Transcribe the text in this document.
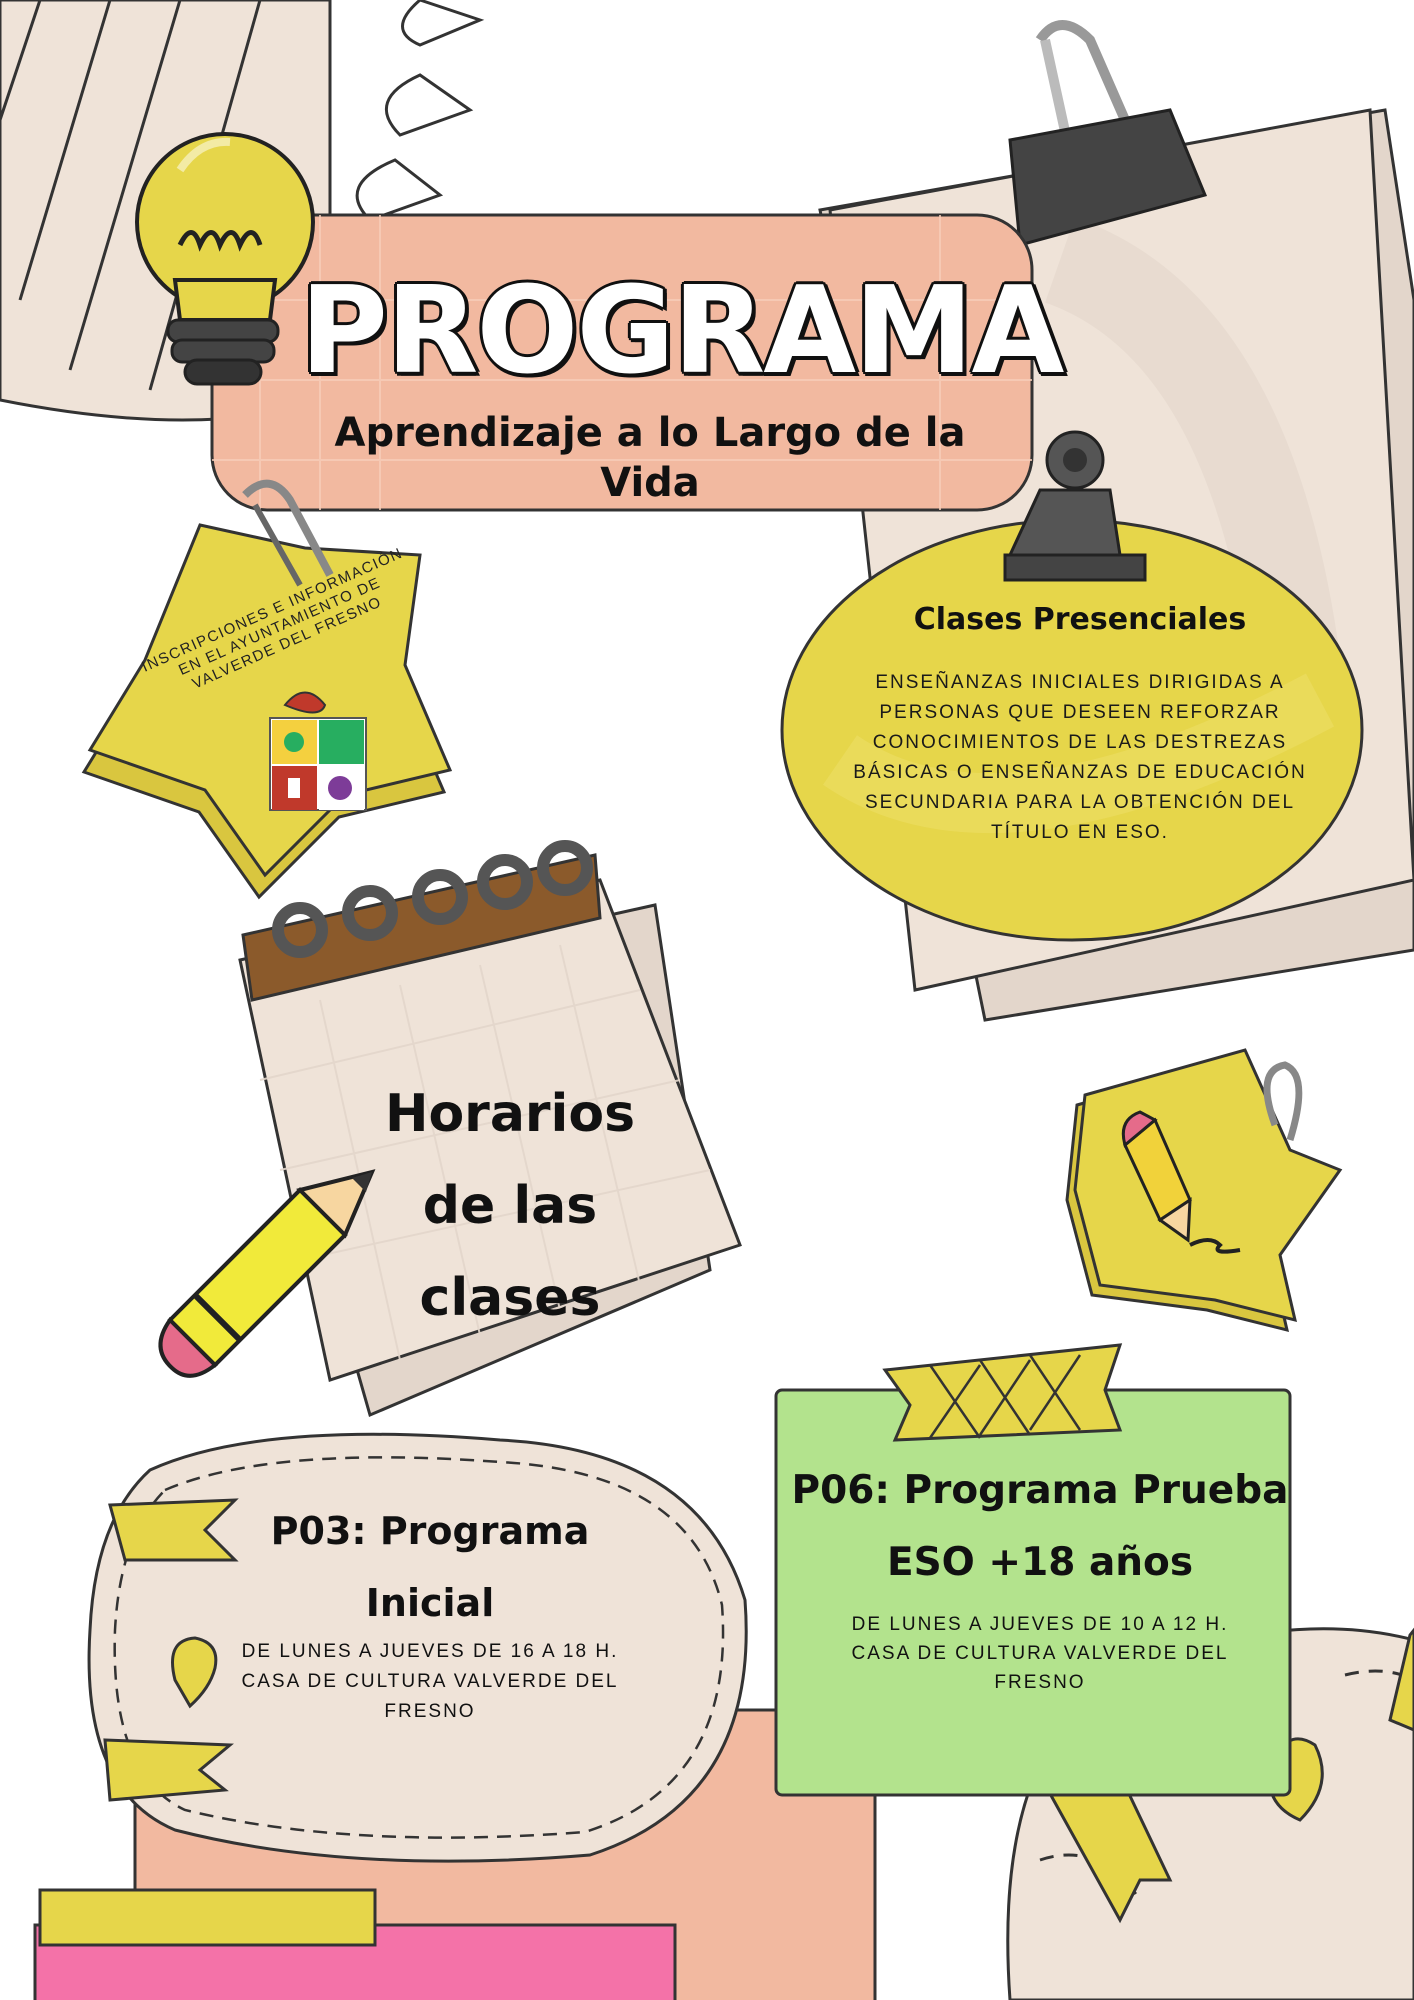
PROGRAMA
Aprendizaje a lo Largo de la Vida
INSCRIPCIONES E INFORMACIÓN EN EL AYUNTAMIENTO DE VALVERDE DEL FRESNO	Clases Presenciales
ENSEÑANZAS INICIALES DIRIGIDAS A PERSONAS QUE DESEEN REFORZAR CONOCIMIENTOS DE LAS DESTREZAS BÁSICAS O ENSEÑANZAS DE EDUCACIÓN SECUNDARIA PARA LA OBTENCIÓN DEL TÍTULO EN ESO.
Horarios de las clases
P03: Programa Inicial
DE LUNES A JUEVES DE 16 A 18 H.
CASA DE CULTURA VALVERDE DEL FRESNO
P06: Programa Prueba ESO +18 años
DE LUNES A JUEVES DE 10 A 12 H.
CASA DE CULTURA VALVERDE DEL FRESNO
